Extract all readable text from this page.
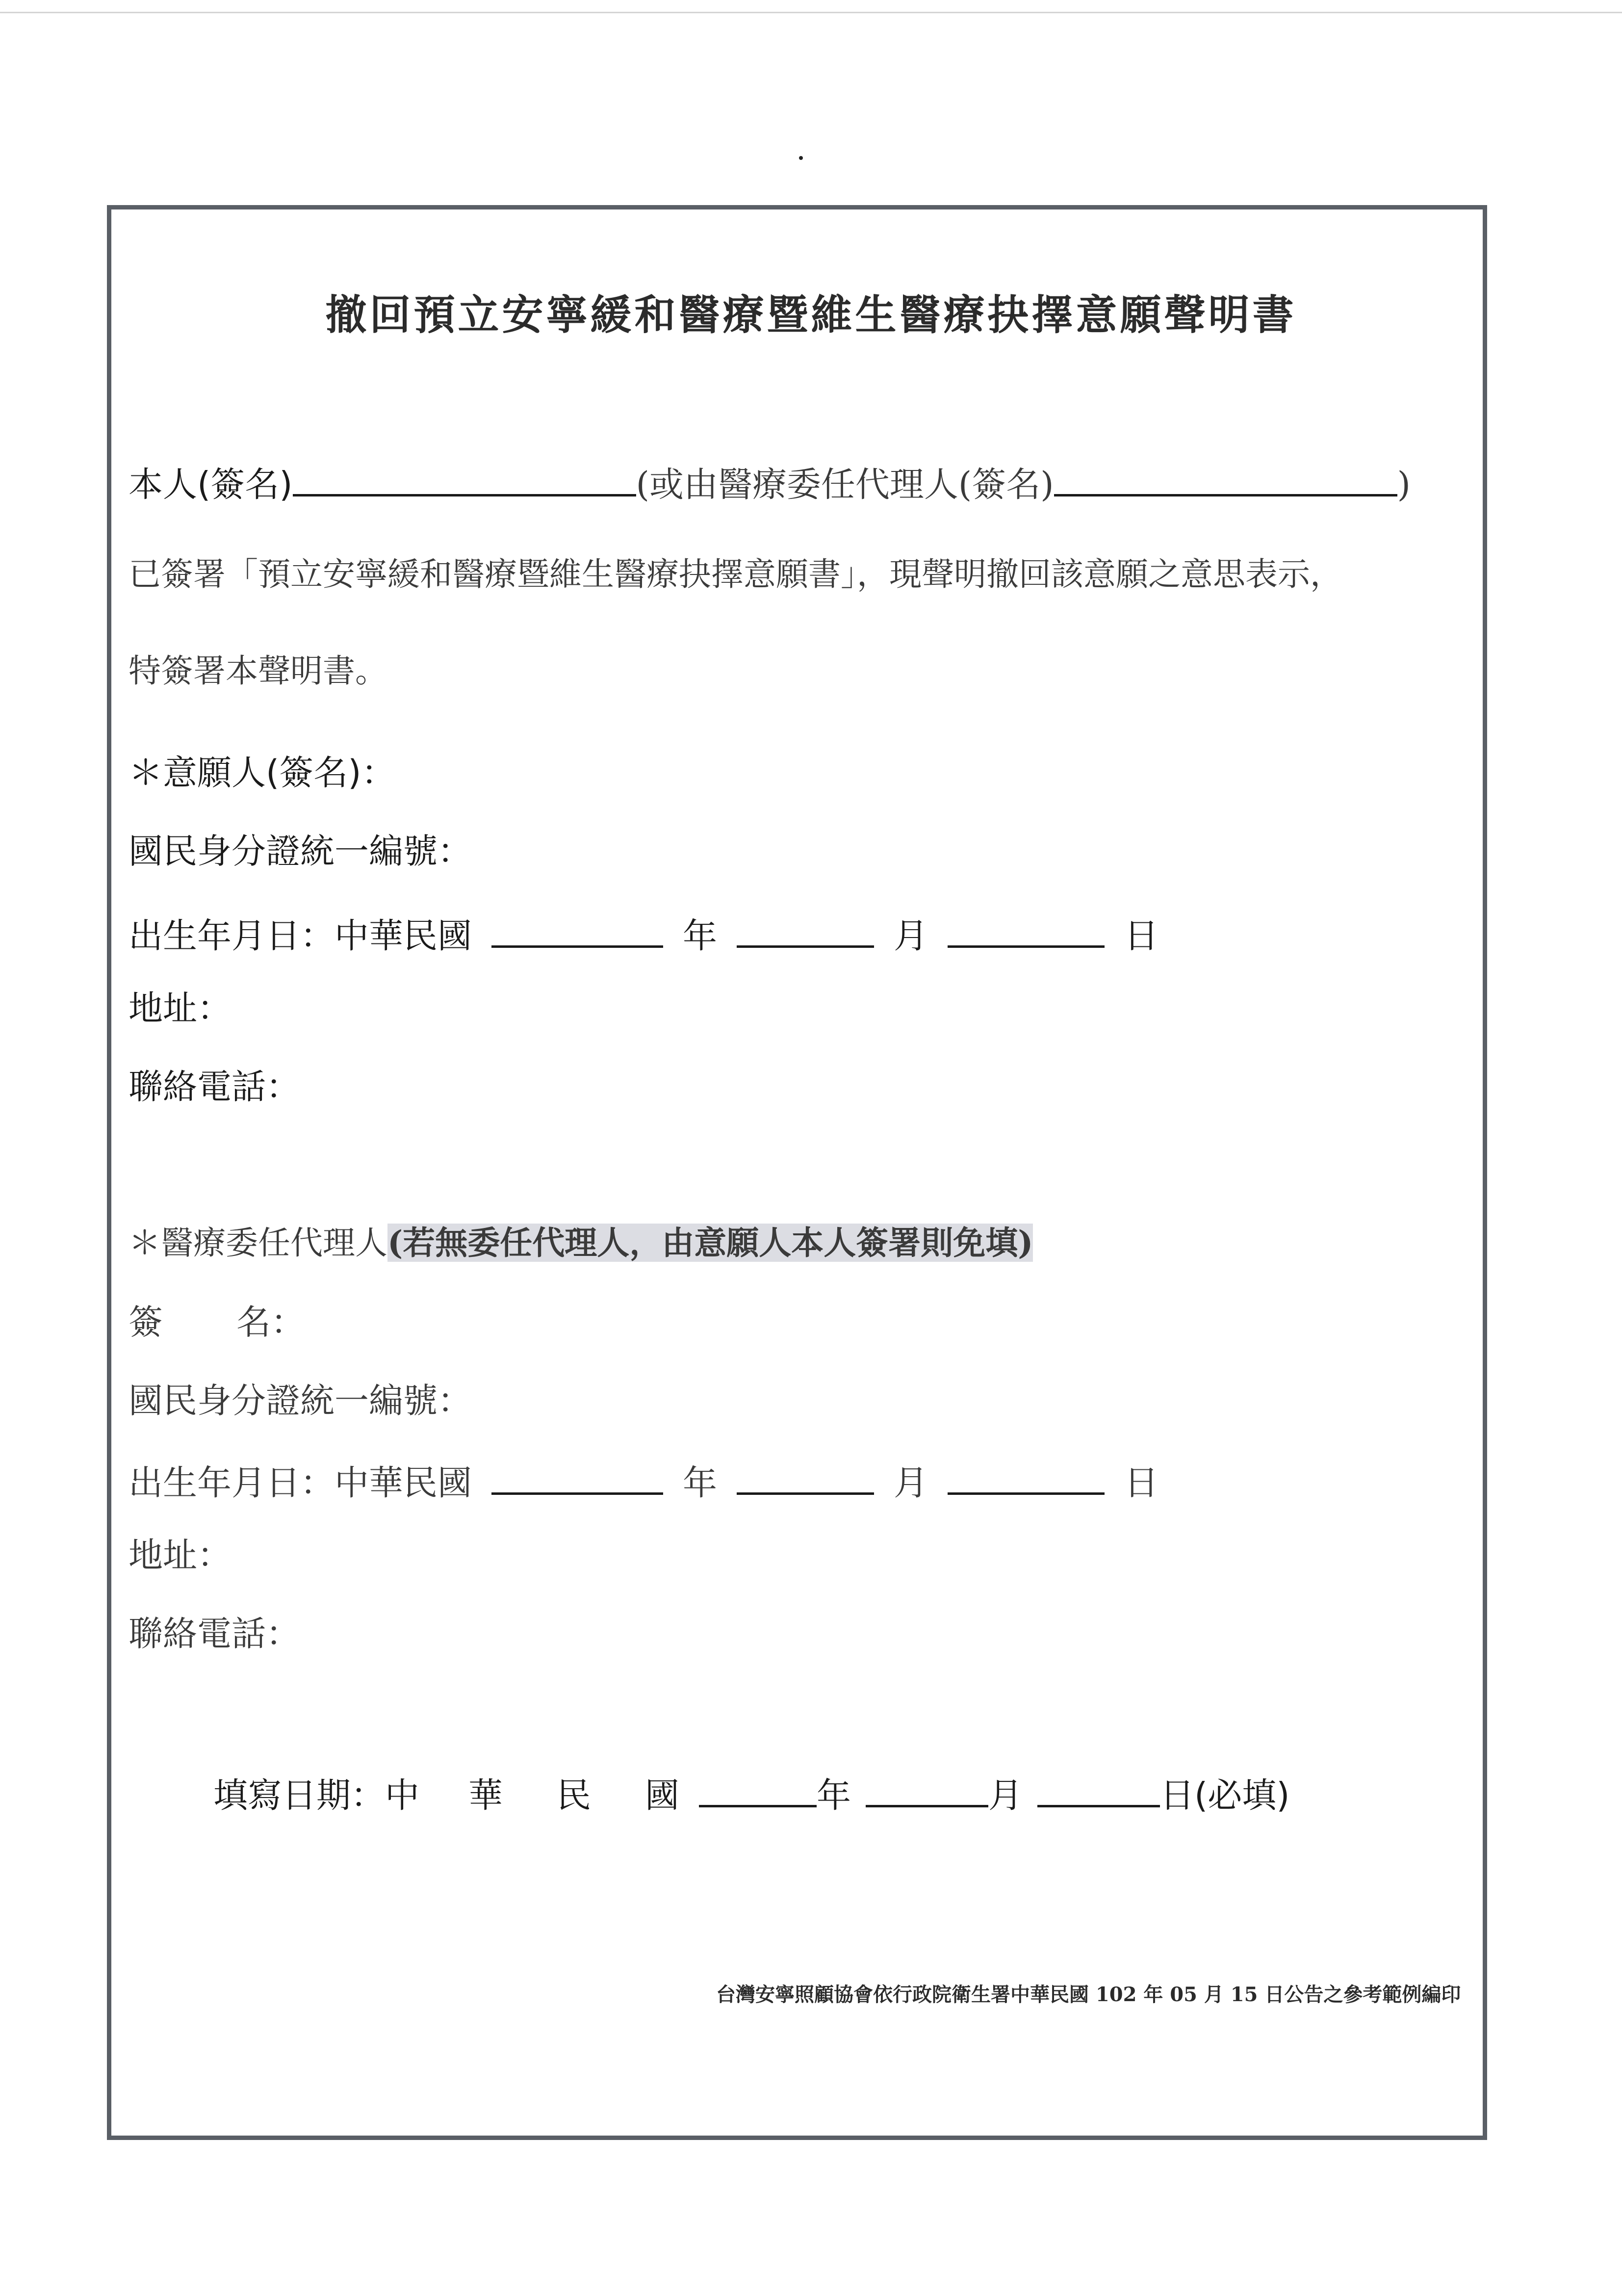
撤回預立安寧緩和醫療暨維生醫療抉擇意願聲明書
本人(簽名)	(或由醫療委任代理人(簽名)	)
已簽署「預立安寧緩和醫療暨維生醫療抉擇意願書」，現聲明撤回該意願之意思表示，
特簽署本聲明書。
＊意願人(簽名)：
國民身分證統一編號：
出生年月日：中華民國	年	月	日
地址：
聯絡電話：
＊醫療委任代理人(若無委任代理人，由意願人本人簽署則免填)
簽 名：
國民身分證統一編號：
出生年月日：中華民國	年	月	日
地址：
聯絡電話：
填寫日期：中 華 民 國	年	月	日(必填)
台灣安寧照顧協會依行政院衛生署中華民國 102 年 05 月 15 日公告之參考範例編印
